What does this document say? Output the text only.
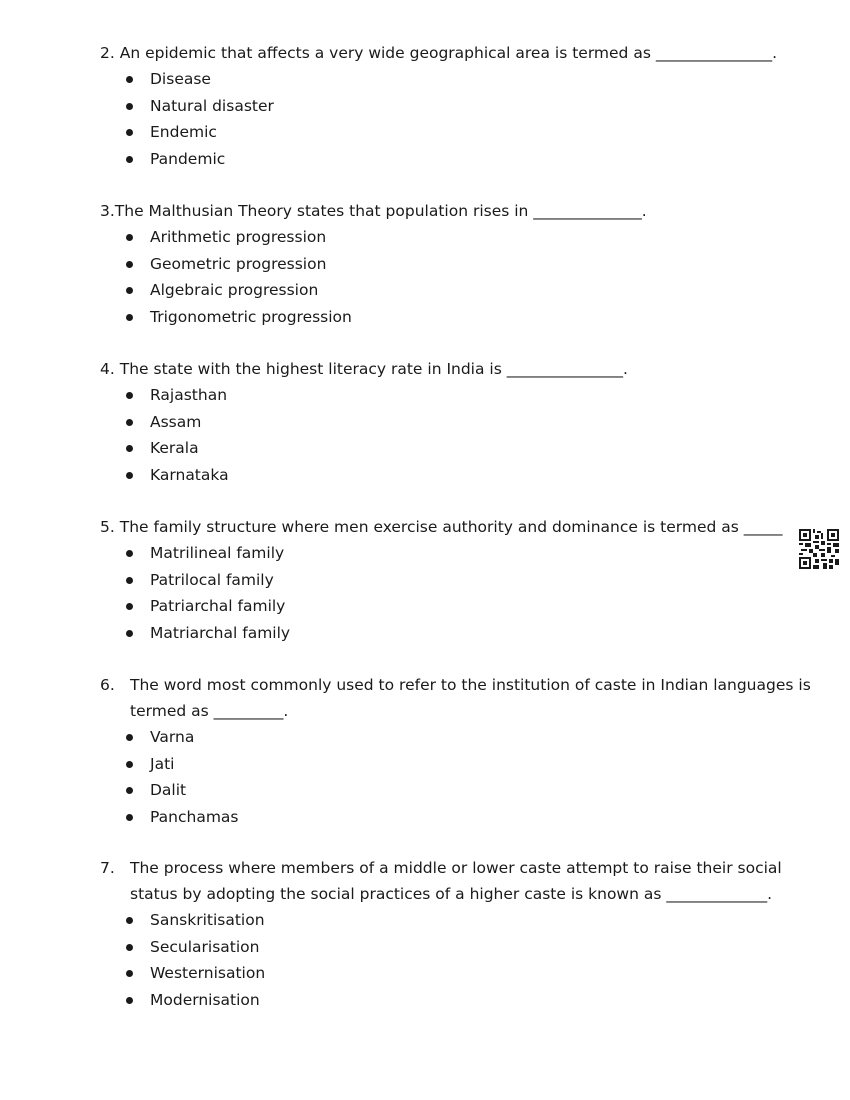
2. An epidemic that affects a very wide geographical area is termed as _______________.
Disease
Natural disaster
Endemic
Pandemic
3.The Malthusian Theory states that population rises in ______________.
Arithmetic progression
Geometric progression
Algebraic progression
Trigonometric progression
4. The state with the highest literacy rate in India is _______________.
Rajasthan
Assam
Kerala
Karnataka
5. The family structure where men exercise authority and dominance is termed as _____
Matrilineal family
Patrilocal family
Patriarchal family
Matriarchal family
6. The word most commonly used to refer to the institution of caste in Indian languages is termed as _________.
Varna
Jati
Dalit
Panchamas
7. The process where members of a middle or lower caste attempt to raise their social status by adopting the social practices of a higher caste is known as _____________.
Sanskritisation
Secularisation
Westernisation
Modernisation
